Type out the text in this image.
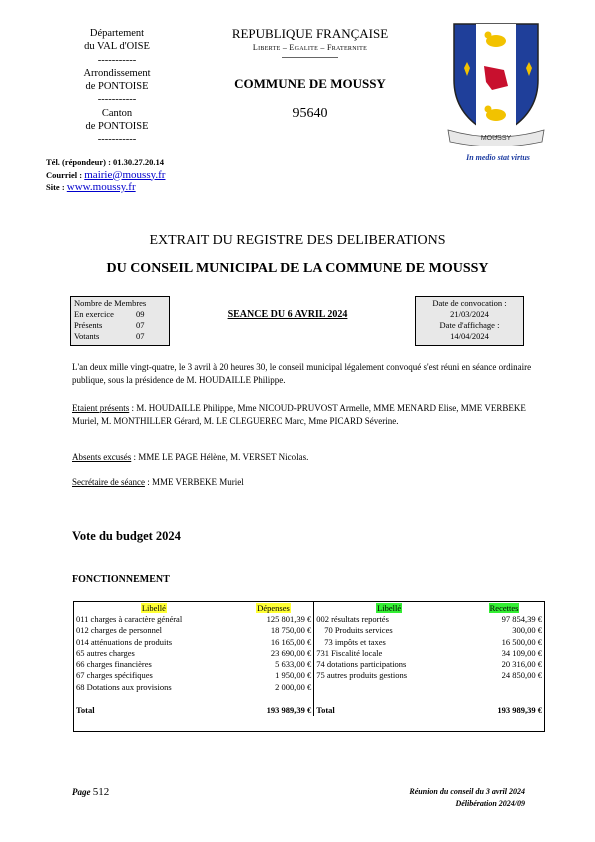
Département
du VAL d'OISE
-----------
Arrondissement
de PONTOISE
-----------
Canton
de PONTOISE
-----------
REPUBLIQUE FRANÇAISE
Liberte – Egalite – Fraternite
COMMUNE DE MOUSSY
95640
MOUSSY
In medio stat virtus
Tél. (répondeur) : 01.30.27.20.14
Courriel : mairie@moussy.fr
Site : www.moussy.fr
EXTRAIT DU REGISTRE DES DELIBERATIONS
DU CONSEIL MUNICIPAL DE LA COMMUNE DE MOUSSY
Nombre de Membres
En exercice	09
Présents	07
Votants	07
SEANCE DU 6 AVRIL 2024
Date de convocation :
21/03/2024
Date d'affichage :
14/04/2024
L'an deux mille vingt-quatre, le 3 avril à 20 heures 30, le conseil municipal légalement convoqué s'est réuni en séance ordinaire publique, sous la présidence de M. HOUDAILLE Philippe.
Etaient présents : M. HOUDAILLE Philippe, Mme NICOUD-PRUVOST Armelle, MME MENARD Elise, MME VERBEKE Muriel, M. MONTHILLER Gérard, M. LE CLEGUEREC Marc, Mme PICARD Séverine.
Absents excusés : MME LE PAGE Hélène, M. VERSET Nicolas.
Secrétaire de séance : MME VERBEKE Muriel
Vote du budget 2024
FONCTIONNEMENT
Libellé	Dépenses	Libellé	Recettes
011 charges à caractère général	125 801,39 €	002 résultats reportés	97 854,39 €
012 charges de personnel	18 750,00 €	70 Produits services	300,00 €
014 atténuations de produits	16 165,00 €	73 impôts et taxes	16 500,00 €
65 autres charges	23 690,00 €	731 Fiscalité locale	34 109,00 €
66 charges financières	5 633,00 €	74 dotations participations	20 316,00 €
67 charges spécifiques	1 950,00 €	75 autres produits gestions	24 850,00 €
68 Dotations aux provisions	2 000,00 €		
Total	193 989,39 €	Total	193 989,39 €
Page 512	Réunion du conseil du 3 avril 2024
Délibération 2024/09
